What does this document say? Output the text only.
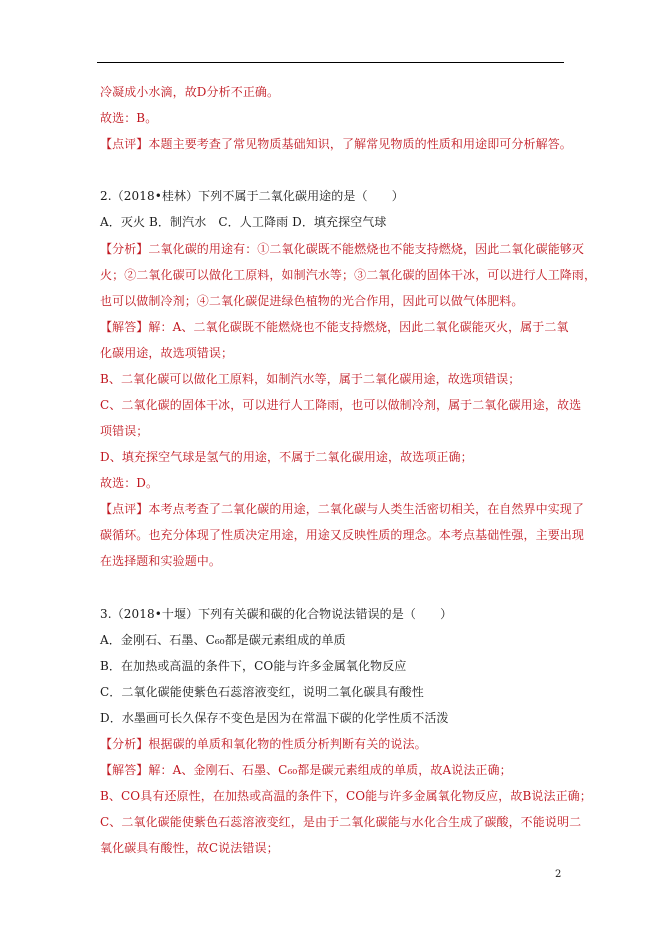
冷凝成小水滴，故D分析不正确。
故选：B。
【点评】本题主要考查了常见物质基础知识，了解常见物质的性质和用途即可分析解答。
2.（2018•桂林）下列不属于二氧化碳用途的是（　　）
A．灭火 B．制汽水　C．人工降雨 D．填充探空气球
【分析】二氧化碳的用途有：①二氧化碳既不能燃烧也不能支持燃烧，因此二氧化碳能够灭
火；②二氧化碳可以做化工原料，如制汽水等；③二氧化碳的固体干冰，可以进行人工降雨，
也可以做制冷剂；④二氧化碳促进绿色植物的光合作用，因此可以做气体肥料。
【解答】解：A、二氧化碳既不能燃烧也不能支持燃烧，因此二氧化碳能灭火，属于二氧
化碳用途，故选项错误；
B、二氧化碳可以做化工原料，如制汽水等，属于二氧化碳用途，故选项错误；
C、二氧化碳的固体干冰，可以进行人工降雨，也可以做制冷剂，属于二氧化碳用途，故选
项错误；
D、填充探空气球是氢气的用途，不属于二氧化碳用途，故选项正确；
故选：D。
【点评】本考点考查了二氧化碳的用途，二氧化碳与人类生活密切相关，在自然界中实现了
碳循环。也充分体现了性质决定用途，用途又反映性质的理念。本考点基础性强，主要出现
在选择题和实验题中。
3.（2018•十堰）下列有关碳和碳的化合物说法错误的是（　　）
A．金刚石、石墨、C₆₀都是碳元素组成的单质
B．在加热或高温的条件下，CO能与许多金属氧化物反应
C．二氧化碳能使紫色石蕊溶液变红，说明二氧化碳具有酸性
D．水墨画可长久保存不变色是因为在常温下碳的化学性质不活泼
【分析】根据碳的单质和氧化物的性质分析判断有关的说法。
【解答】解：A、金刚石、石墨、C₆₀都是碳元素组成的单质，故A说法正确；
B、CO具有还原性，在加热或高温的条件下，CO能与许多金属氧化物反应，故B说法正确；
C、二氧化碳能使紫色石蕊溶液变红，是由于二氧化碳能与水化合生成了碳酸，不能说明二
氧化碳具有酸性，故C说法错误；
2
